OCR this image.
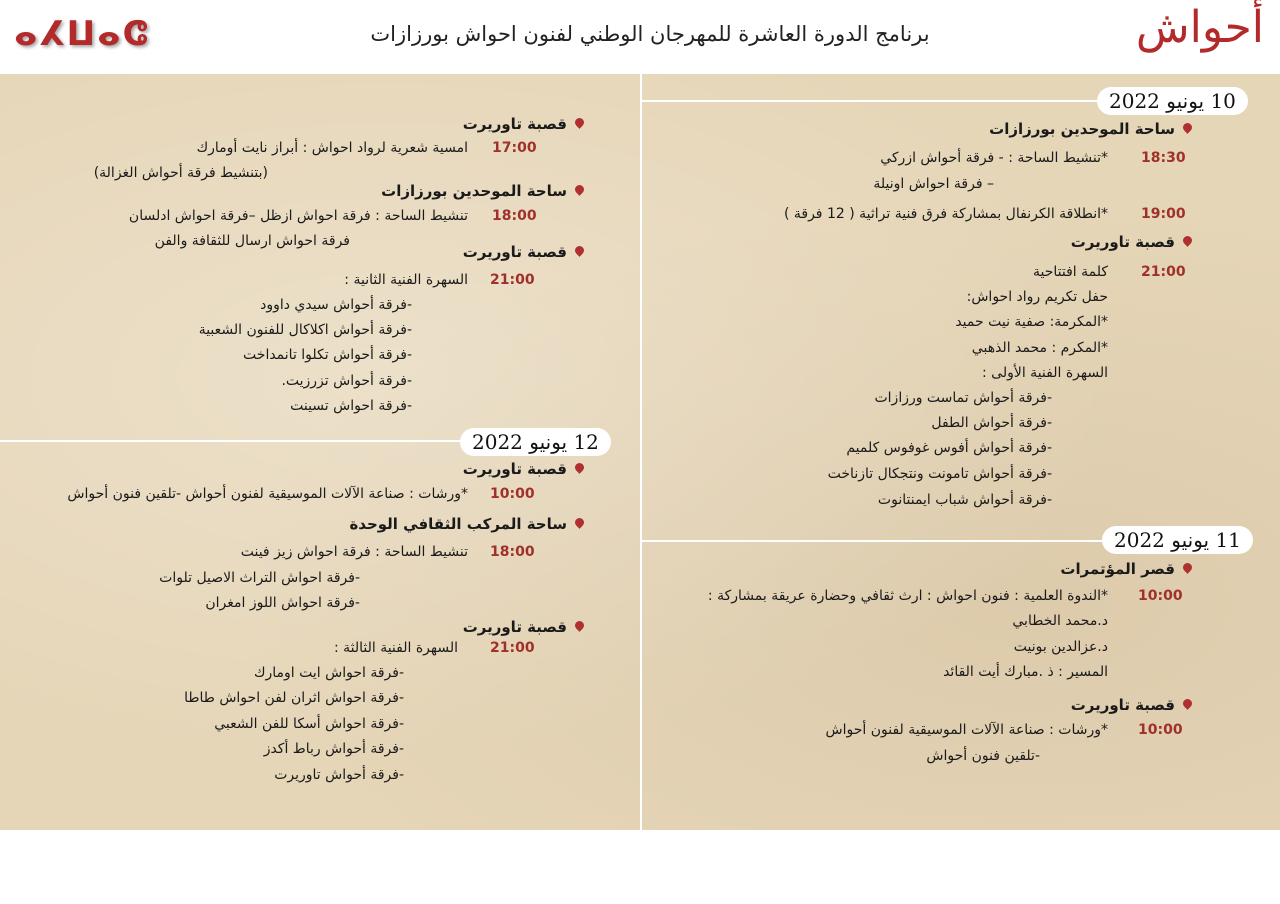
ⴰⵃⵡⴰⵛ	برنامج الدورة العاشرة للمهرجان الوطني لفنون احواش بورزازات	أحواش
10 يونيو 2022
ساحة الموحدين بورزازات
18:30
*تنشيط الساحة : - فرقة أحواش ازركي
– فرقة احواش اونيلة
19:00
*انطلاقة الكرنفال بمشاركة فرق فنية تراثية ( 12 فرقة )
قصبة تاوريرت
21:00
كلمة افتتاحية
حفل تكريم رواد احواش:
*المكرمة: صفية نيت حميد
*المكرم : محمد الذهبي
السهرة الفنية الأولى :
-فرقة أحواش تماست ورزازات
-فرقة أحواش الطفل
-فرقة أحواش أفوس غوفوس كلميم
-فرقة أحواش تامونت ونتجكال تازناخت
-فرقة أحواش شباب ايمنتانوت
11 يونيو 2022
قصر المؤتمرات
10:00
*الندوة العلمية : فنون احواش : ارث ثقافي وحضارة عريقة بمشاركة :
د.محمد الخطابي
د.عزالدين بونيت
المسير : ذ .مبارك أيت القائد
قصبة تاوريرت
10:00
*ورشات : صناعة الآلات الموسيقية لفنون أحواش
-تلقين فنون أحواش
قصبة تاوريرت
17:00
امسية شعرية لرواد احواش : أبراز نايت أومارك
(بتنشيط فرقة أحواش الغزالة)
ساحة الموحدين بورزازات
18:00
تنشيط الساحة : فرقة احواش ازظل –فرقة احواش ادلسان
فرقة احواش ارسال للثقافة والفن
قصبة تاوريرت
21:00
السهرة الفنية الثانية :
-فرقة أحواش سيدي داوود
-فرقة أحواش اكلاكال للفنون الشعبية
-فرقة أحواش تكلوا تانمداخت
-فرقة أحواش تزرزيت.
-فرقة احواش تسينت
12 يونيو 2022
قصبة تاوريرت
10:00
*ورشات : صناعة الآلات الموسيقية لفنون أحواش -تلقين فنون أحواش
ساحة المركب الثقافي الوحدة
18:00
تنشيط الساحة : فرقة احواش زيز فينت
-فرقة احواش التراث الاصيل تلوات
-فرقة احواش اللوز امغران
قصبة تاوريرت
21:00
السهرة الفنية الثالثة :
-فرقة احواش ايت اومارك
-فرقة احواش اثران لفن احواش طاطا
-فرقة احواش أسكا للفن الشعبي
-فرقة أحواش رباط أكدز
-فرقة أحواش تاوريرت
